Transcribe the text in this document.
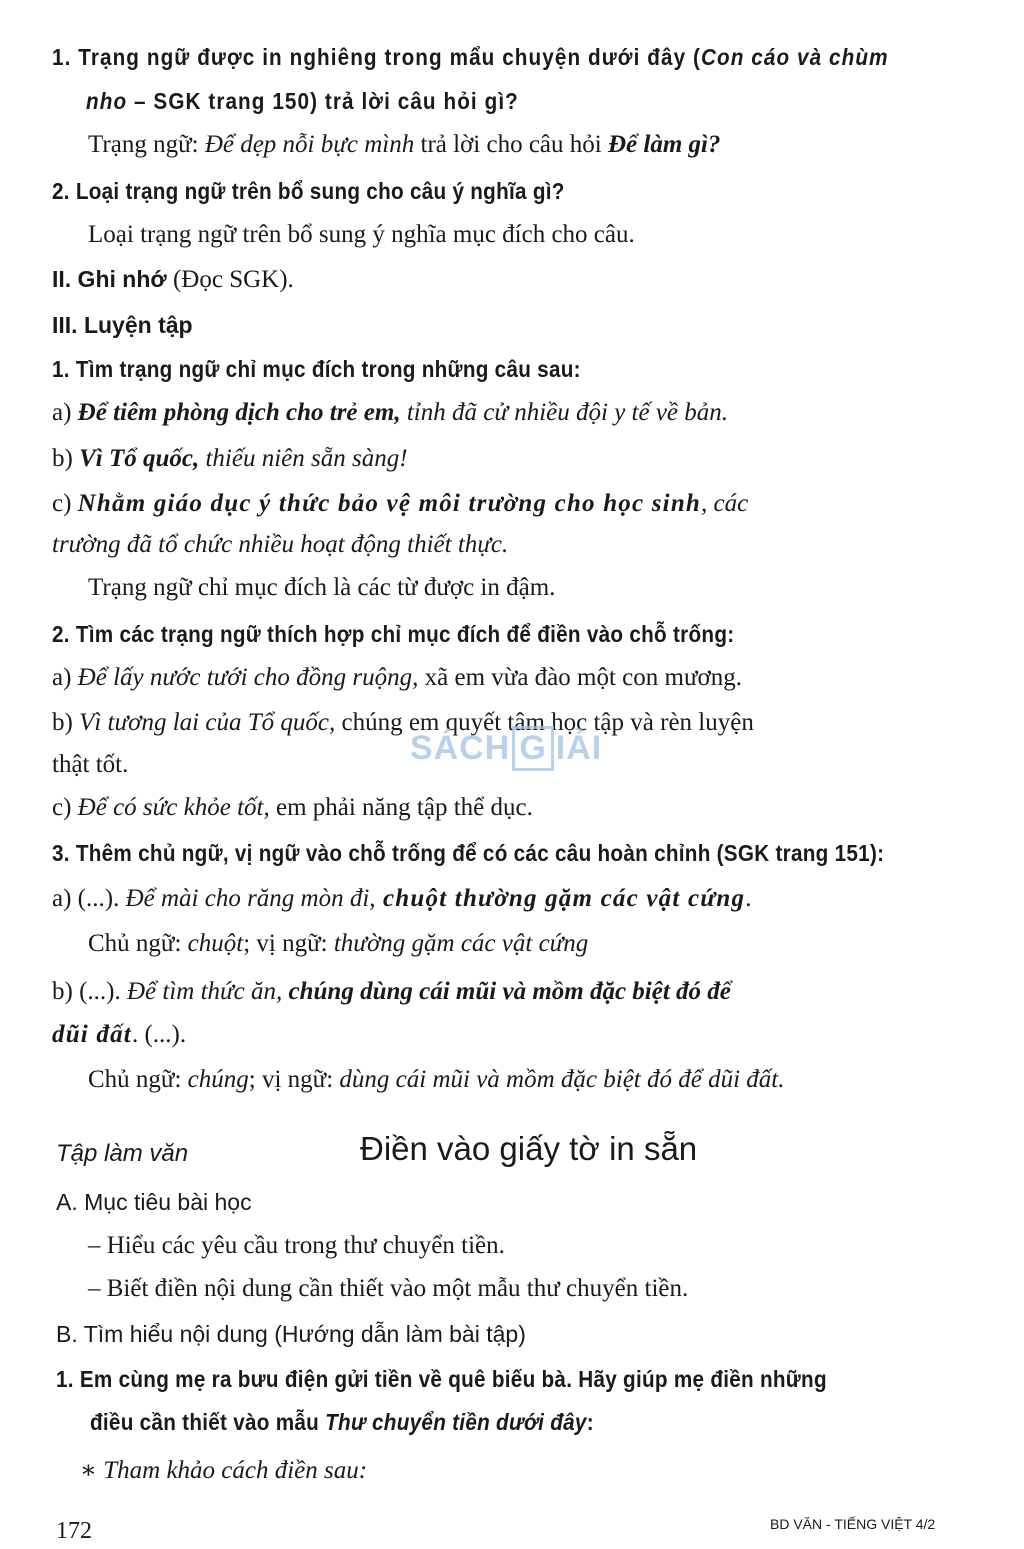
1. Trạng ngữ được in nghiêng trong mẩu chuyện dưới đây (Con cáo và chùm

nho – SGK trang 150) trả lời câu hỏi gì?

Trạng ngữ: Để dẹp nỗi bực mình trả lời cho câu hỏi Để làm gì?

2. Loại trạng ngữ trên bổ sung cho câu ý nghĩa gì?

Loại trạng ngữ trên bổ sung ý nghĩa mục đích cho câu.

II. Ghi nhớ (Đọc SGK).

III. Luyện tập

1. Tìm trạng ngữ chỉ mục đích trong những câu sau:

a) Để tiêm phòng dịch cho trẻ em, tỉnh đã cử nhiều đội y tế về bản.

b) Vì Tổ quốc, thiếu niên sẵn sàng!

c) Nhằm giáo dục ý thức bảo vệ môi trường cho học sinh, các

trường đã tổ chức nhiều hoạt động thiết thực.

Trạng ngữ chỉ mục đích là các từ được in đậm.

2. Tìm các trạng ngữ thích hợp chỉ mục đích để điền vào chỗ trống:

a) Để lấy nước tưới cho đồng ruộng, xã em vừa đào một con mương.

b) Vì tương lai của Tổ quốc, chúng em quyết tâm học tập và rèn luyện

thật tốt.

c) Để có sức khỏe tốt, em phải năng tập thể dục.

3. Thêm chủ ngữ, vị ngữ vào chỗ trống để có các câu hoàn chỉnh (SGK trang 151):

a) (...). Để mài cho răng mòn đi, chuột thường gặm các vật cứng.

Chủ ngữ: chuột; vị ngữ: thường gặm các vật cứng

b) (...). Để tìm thức ăn, chúng dùng cái mũi và mồm đặc biệt đó để

dũi đất. (...).

Chủ ngữ: chúng; vị ngữ: dùng cái mũi và mồm đặc biệt đó để dũi đất.

Tập làm văn	Điền vào giấy tờ in sẵn

A. Mục tiêu bài học

– Hiểu các yêu cầu trong thư chuyển tiền.

– Biết điền nội dung cần thiết vào một mẫu thư chuyển tiền.

B. Tìm hiểu nội dung (Hướng dẫn làm bài tập)

1. Em cùng mẹ ra bưu điện gửi tiền về quê biếu bà. Hãy giúp mẹ điền những

điều cần thiết vào mẫu Thư chuyển tiền dưới đây:

∗ Tham khảo cách điền sau:

SÁCH G IẢI
172	BD VĂN - TIẾNG VIỆT 4/2
